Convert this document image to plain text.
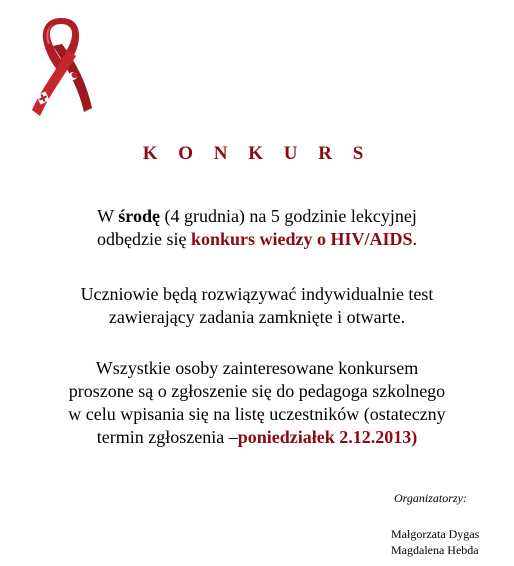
K O N K U R S
W środę (4 grudnia) na 5 godzinie lekcyjnej
odbędzie się konkurs wiedzy o HIV/AIDS.
Uczniowie będą rozwiązywać indywidualnie test
zawierający zadania zamknięte i otwarte.
Wszystkie osoby zainteresowane konkursem
proszone są o zgłoszenie się do pedagoga szkolnego
w celu wpisania się na listę uczestników (ostateczny
termin zgłoszenia –poniedziałek 2.12.2013)
Organizatorzy:
Małgorzata Dygas
Magdalena Hebda
